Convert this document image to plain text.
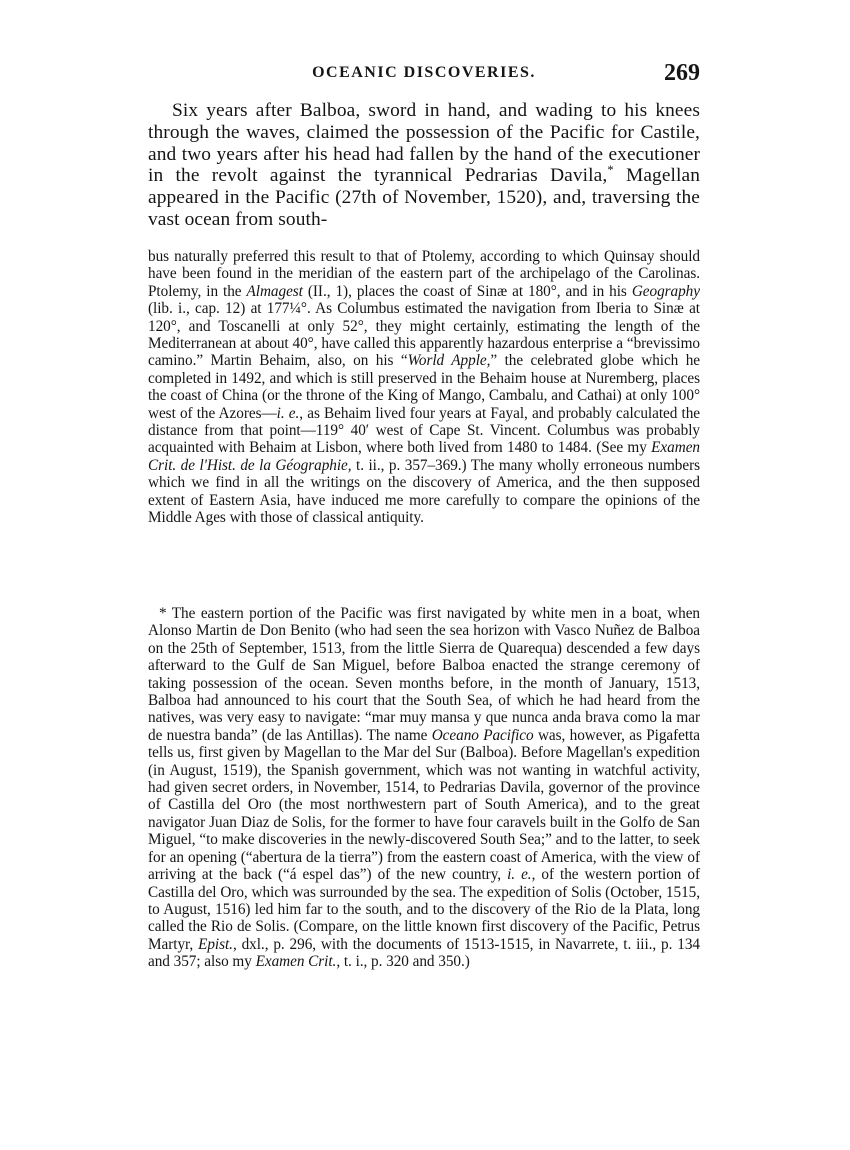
OCEANIC DISCOVERIES.	269

Six years after Balboa, sword in hand, and wading to his knees through the waves, claimed the possession of the Pacific for Castile, and two years after his head had fallen by the hand of the executioner in the revolt against the tyrannical Pedrarias Davila,* Magellan appeared in the Pacific (27th of November, 1520), and, traversing the vast ocean from south-

bus naturally preferred this result to that of Ptolemy, according to which Quinsay should have been found in the meridian of the eastern part of the archipelago of the Carolinas. Ptolemy, in the Almagest (II., 1), places the coast of Sinæ at 180°, and in his Geography (lib. i., cap. 12) at 177¼°. As Columbus estimated the navigation from Iberia to Sinæ at 120°, and Toscanelli at only 52°, they might certainly, estimating the length of the Mediterranean at about 40°, have called this apparently hazardous enterprise a “brevissimo camino.” Martin Behaim, also, on his “World Apple,” the celebrated globe which he completed in 1492, and which is still preserved in the Behaim house at Nuremberg, places the coast of China (or the throne of the King of Mango, Cambalu, and Cathai) at only 100° west of the Azores—i. e., as Behaim lived four years at Fayal, and probably calculated the distance from that point—119° 40′ west of Cape St. Vincent. Columbus was probably acquainted with Behaim at Lisbon, where both lived from 1480 to 1484. (See my Examen Crit. de l'Hist. de la Géographie, t. ii., p. 357–369.) The many wholly erroneous numbers which we find in all the writings on the discovery of America, and the then supposed extent of Eastern Asia, have induced me more carefully to compare the opinions of the Middle Ages with those of classical antiquity.

* The eastern portion of the Pacific was first navigated by white men in a boat, when Alonso Martin de Don Benito (who had seen the sea horizon with Vasco Nuñez de Balboa on the 25th of September, 1513, from the little Sierra de Quarequa) descended a few days afterward to the Gulf de San Miguel, before Balboa enacted the strange ceremony of taking possession of the ocean. Seven months before, in the month of January, 1513, Balboa had announced to his court that the South Sea, of which he had heard from the natives, was very easy to navigate: “mar muy mansa y que nunca anda brava como la mar de nuestra banda” (de las Antillas). The name Oceano Pacifico was, however, as Pigafetta tells us, first given by Magellan to the Mar del Sur (Balboa). Before Magellan's expedition (in August, 1519), the Spanish government, which was not wanting in watchful activity, had given secret orders, in November, 1514, to Pedrarias Davila, governor of the province of Castilla del Oro (the most northwestern part of South America), and to the great navigator Juan Diaz de Solis, for the former to have four caravels built in the Golfo de San Miguel, “to make discoveries in the newly-discovered South Sea;” and to the latter, to seek for an opening (“abertura de la tierra”) from the eastern coast of America, with the view of arriving at the back (“á espel das”) of the new country, i. e., of the western portion of Castilla del Oro, which was surrounded by the sea. The expedition of Solis (October, 1515, to August, 1516) led him far to the south, and to the discovery of the Rio de la Plata, long called the Rio de Solis. (Compare, on the little known first discovery of the Pacific, Petrus Martyr, Epist., dxl., p. 296, with the documents of 1513-1515, in Navarrete, t. iii., p. 134 and 357; also my Examen Crit., t. i., p. 320 and 350.)
